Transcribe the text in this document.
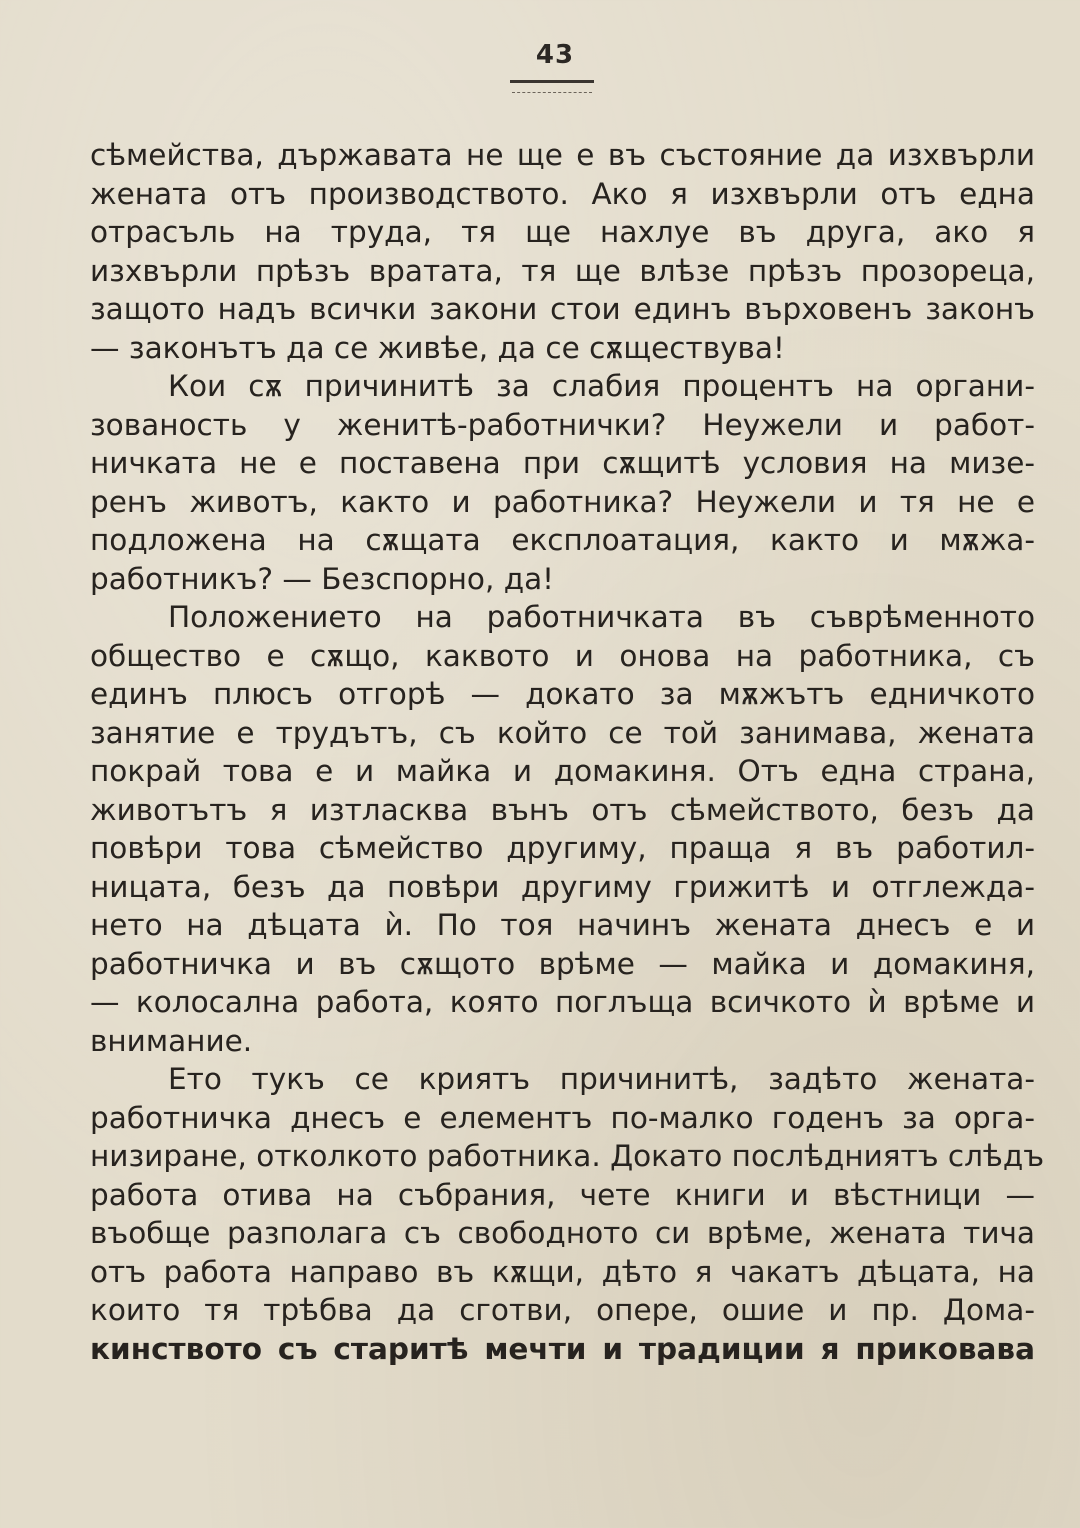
43
сѣмейства, държавата не ще е въ състояние да изхвърли
жената отъ производството. Ако я изхвърли отъ една
отрасъль на труда, тя ще нахлуе въ друга, ако я
изхвърли прѣзъ вратата, тя ще влѣзе прѣзъ прозореца,
защото надъ всички закони стои единъ върховенъ законъ
— законътъ да се живѣе, да се сѫществува!
Кои сѫ причинитѣ за слабия процентъ на органи-
зованость у женитѣ-работнички? Неужели и работ-
ничката не е поставена при сѫщитѣ условия на мизе-
ренъ животъ, както и работника? Неужели и тя не е
подложена на сѫщата експлоатация, както и мѫжа-
работникъ? — Безспорно, да!
Положението на работничката въ съврѣменното
общество е сѫщо, каквото и онова на работника, съ
единъ плюсъ отгорѣ — докато за мѫжътъ едничкото
занятие е трудътъ, съ който се той занимава, жената
покрай това е и майка и домакиня. Отъ една страна,
животътъ я изтласква вънъ отъ сѣмейството, безъ да
повѣри това сѣмейство другиму, праща я въ работил-
ницата, безъ да повѣри другиму грижитѣ и отглежда-
нето на дѣцата ѝ. По тоя начинъ жената днесъ е и
работничка и въ сѫщото врѣме — майка и домакиня,
— колосална работа, която поглъща всичкото ѝ врѣме и
внимание.
Ето тукъ се криятъ причинитѣ, задѣто жената-
работничка днесъ е елементъ по-малко годенъ за орга-
низиране, отколкото работника. Докато послѣдниятъ слѣдъ
работа отива на събрания, чете книги и вѣстници —
въобще разполага съ свободното си врѣме, жената тича
отъ работа направо въ кѫщи, дѣто я чакатъ дѣцата, на
които тя трѣбва да сготви, опере, ошие и пр. Дома-
кинството съ старитѣ мечти и традиции я приковава
